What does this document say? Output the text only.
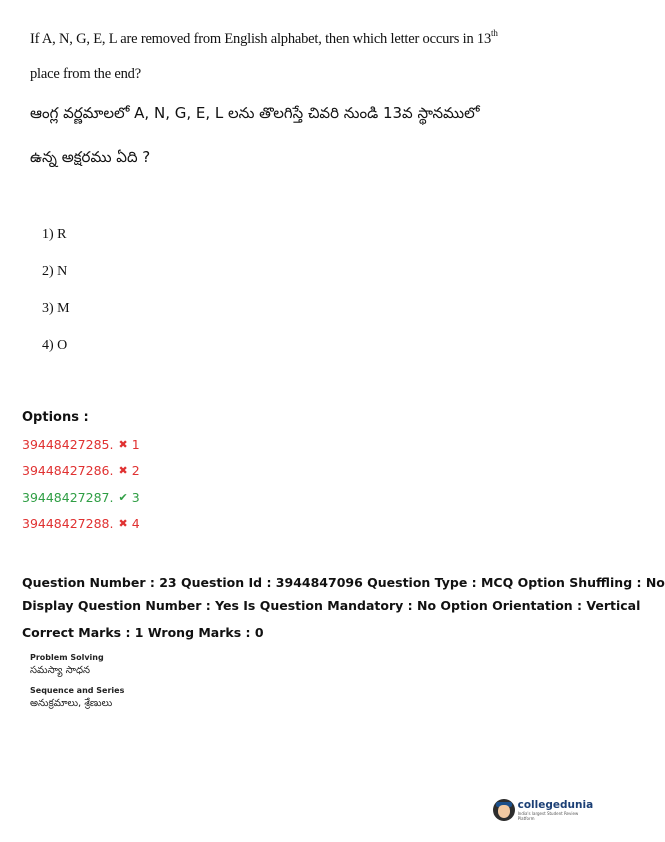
If A, N, G, E, L are removed from English alphabet, then which letter occurs in 13th
place from the end?
ఆంగ్ల వర్ణమాలలో A, N, G, E, L లను తొలగిస్తే చివరి నుండి 13వ స్థానములో
ఉన్న అక్షరము ఏది ?
1) R
2) N
3) M
4) O
Options :
39448427285. ✖ 1
39448427286. ✖ 2
39448427287. ✔ 3
39448427288. ✖ 4
Question Number : 23 Question Id : 3944847096 Question Type : MCQ Option Shuffling : No
Display Question Number : Yes Is Question Mandatory : No Option Orientation : Vertical
Correct Marks : 1 Wrong Marks : 0
Problem Solving
సమస్యా సాధన
Sequence and Series
అనుక్రమాలు, శ్రేణులు
collegedunia
India's largest Student Review Platform
